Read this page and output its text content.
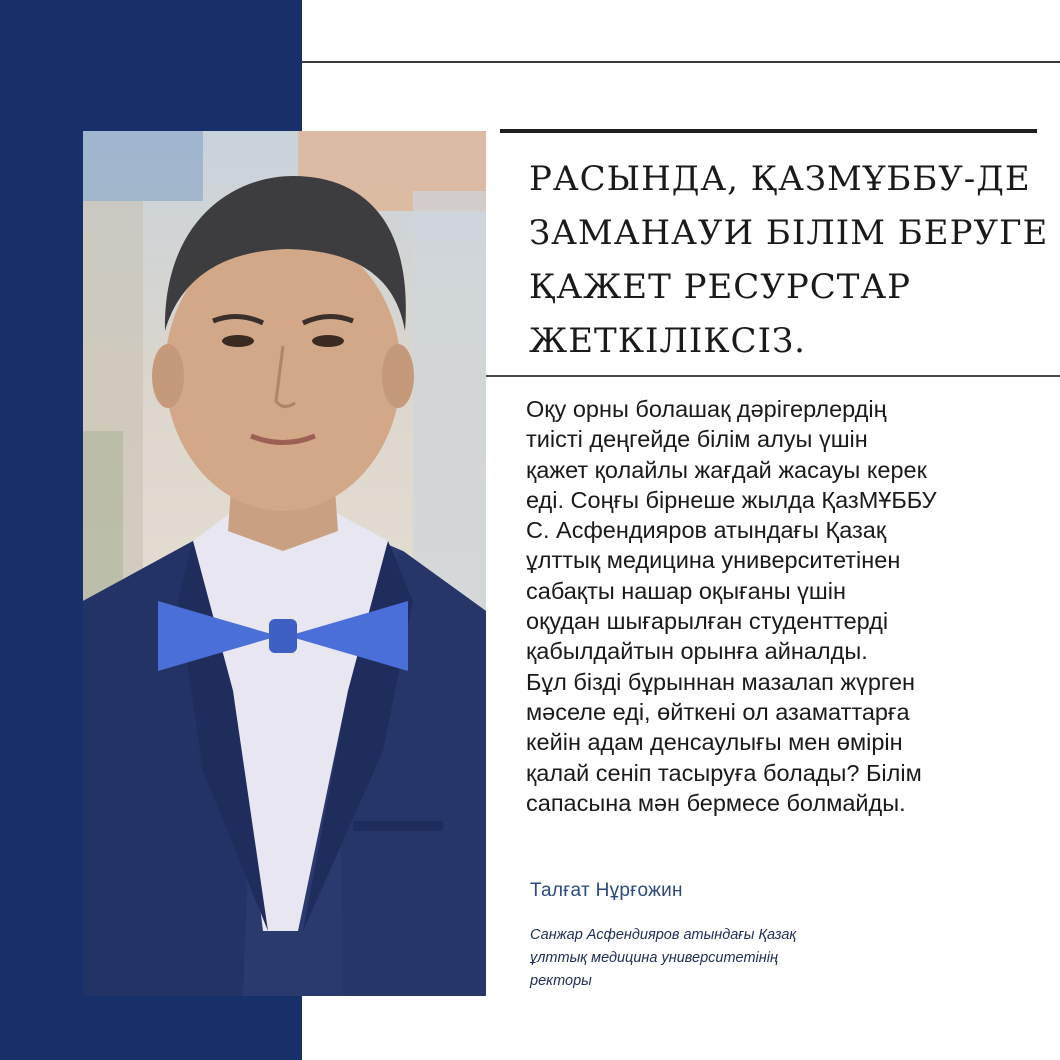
РАСЫНДА, ҚАЗМҰББУ-ДЕ
ЗАМАНАУИ БІЛІМ БЕРУГЕ
ҚАЖЕТ РЕСУРСТАР
ЖЕТКІЛІКСІЗ.
Оқу орны болашақ дәрігерлердің
тиісті деңгейде білім алуы үшін
қажет қолайлы жағдай жасауы керек
еді. Соңғы бірнеше жылда ҚазМҰББУ
С. Асфендияров атындағы Қазақ
ұлттық медицина университетінен
сабақты нашар оқығаны үшін
оқудан шығарылған студенттерді
қабылдайтын орынға айналды.
Бұл бізді бұрыннан мазалап жүрген
мәселе еді, өйткені ол азаматтарға
кейін адам денсаулығы мен өмірін
қалай сеніп тасыруға болады? Білім
сапасына мән бермесе болмайды.
Талғат Нұрғожин
Санжар Асфендияров атындағы Қазақ
ұлттық медицина университетінің
ректоры
